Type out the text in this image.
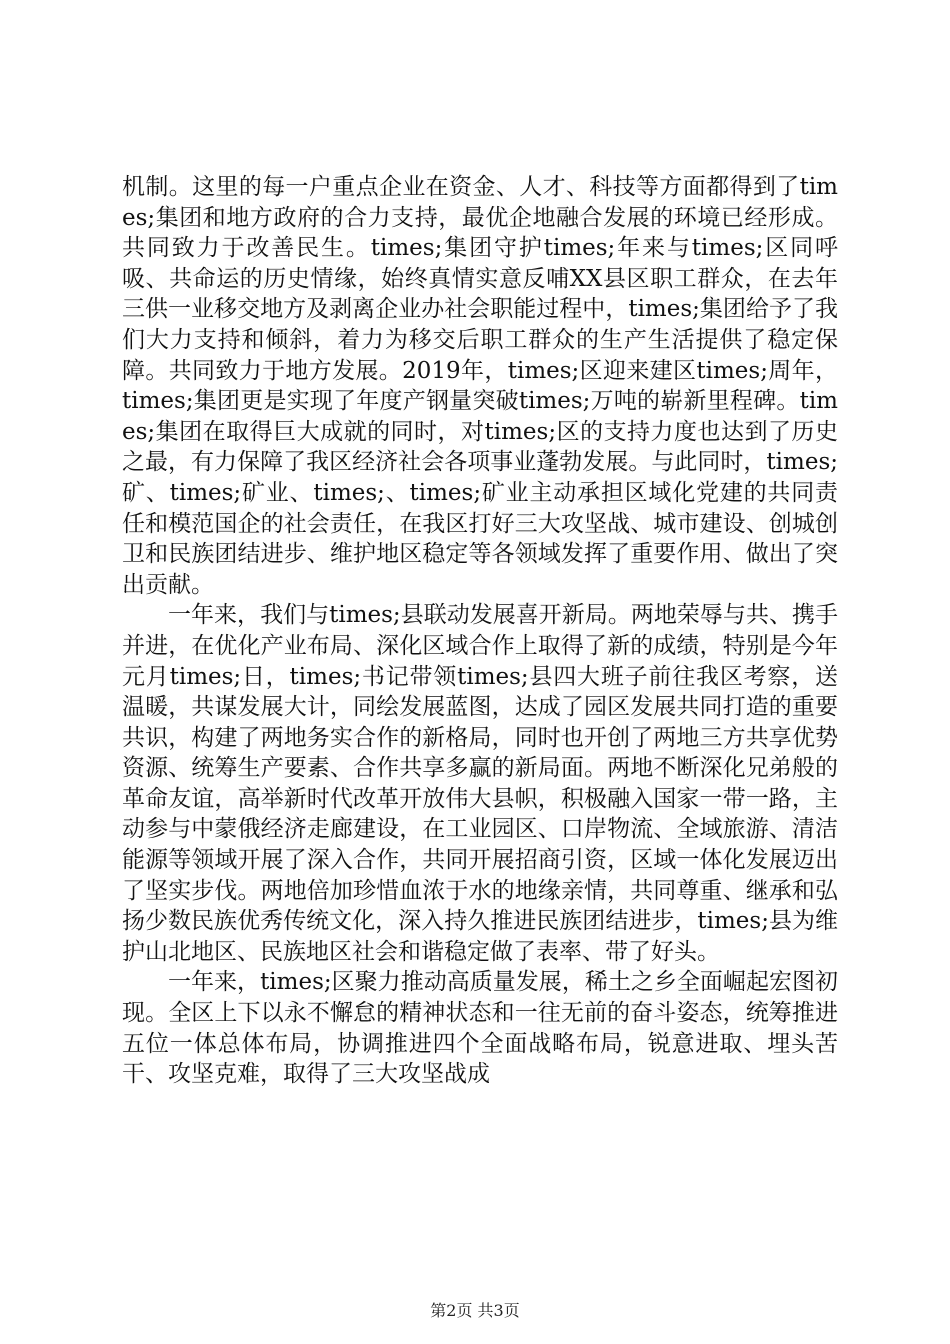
机制。这里的每一户重点企业在资金、人才、科技等方面都得到了times;集团和地方政府的合力支持，最优企地融合发展的环境已经形成。共同致力于改善民生。times;集团守护times;年来与times;区同呼吸、共命运的历史情缘，始终真情实意反哺XX县区职工群众，在去年三供一业移交地方及剥离企业办社会职能过程中，times;集团给予了我们大力支持和倾斜，着力为移交后职工群众的生产生活提供了稳定保障。共同致力于地方发展。2019年，times;区迎来建区times;周年，times;集团更是实现了年度产钢量突破times;万吨的崭新里程碑。times;集团在取得巨大成就的同时，对times;区的支持力度也达到了历史之最，有力保障了我区经济社会各项事业蓬勃发展。与此同时，times;矿、times;矿业、times;、times;矿业主动承担区域化党建的共同责任和模范国企的社会责任，在我区打好三大攻坚战、城市建设、创城创卫和民族团结进步、维护地区稳定等各领域发挥了重要作用、做出了突出贡献。

一年来，我们与times;县联动发展喜开新局。两地荣辱与共、携手并进，在优化产业布局、深化区域合作上取得了新的成绩，特别是今年元月times;日，times;书记带领times;县四大班子前往我区考察，送温暖，共谋发展大计，同绘发展蓝图，达成了园区发展共同打造的重要共识，构建了两地务实合作的新格局，同时也开创了两地三方共享优势资源、统筹生产要素、合作共享多赢的新局面。两地不断深化兄弟般的革命友谊，高举新时代改革开放伟大县帜，积极融入国家一带一路，主动参与中蒙俄经济走廊建设，在工业园区、口岸物流、全域旅游、清洁能源等领域开展了深入合作，共同开展招商引资，区域一体化发展迈出了坚实步伐。两地倍加珍惜血浓于水的地缘亲情，共同尊重、继承和弘扬少数民族优秀传统文化，深入持久推进民族团结进步，times;县为维护山北地区、民族地区社会和谐稳定做了表率、带了好头。

一年来，times;区聚力推动高质量发展，稀土之乡全面崛起宏图初现。全区上下以永不懈怠的精神状态和一往无前的奋斗姿态，统筹推进五位一体总体布局，协调推进四个全面战略布局，锐意进取、埋头苦干、攻坚克难，取得了三大攻坚战成

第2页 共3页
